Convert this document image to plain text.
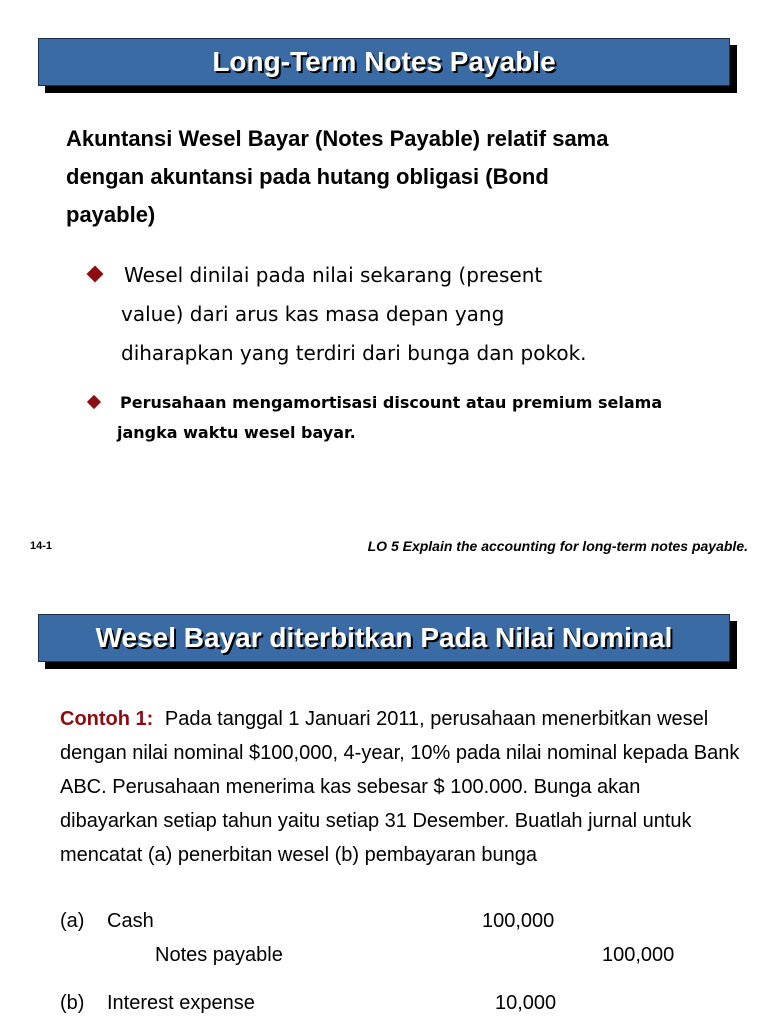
Long-Term Notes Payable
Akuntansi Wesel Bayar (Notes Payable) relatif sama
dengan akuntansi pada hutang obligasi (Bond
payable)
Wesel dinilai pada nilai sekarang (present
value) dari arus kas masa depan yang
diharapkan yang terdiri dari bunga dan pokok.
Perusahaan mengamortisasi discount atau premium selama
jangka waktu wesel bayar.
14-1	LO 5 Explain the accounting for long-term notes payable.
Wesel Bayar diterbitkan Pada Nilai Nominal
Contoh 1: Pada tanggal 1 Januari 2011, perusahaan menerbitkan wesel dengan nilai nominal $100,000, 4-year, 10% pada nilai nominal kepada Bank ABC. Perusahaan menerima kas sebesar $ 100.000. Bunga akan dibayarkan setiap tahun yaitu setiap 31 Desember. Buatlah jurnal untuk mencatat (a) penerbitan wesel (b) pembayaran bunga
(a) Cash	100,000
Notes payable	100,000
(b) Interest expense	10,000
